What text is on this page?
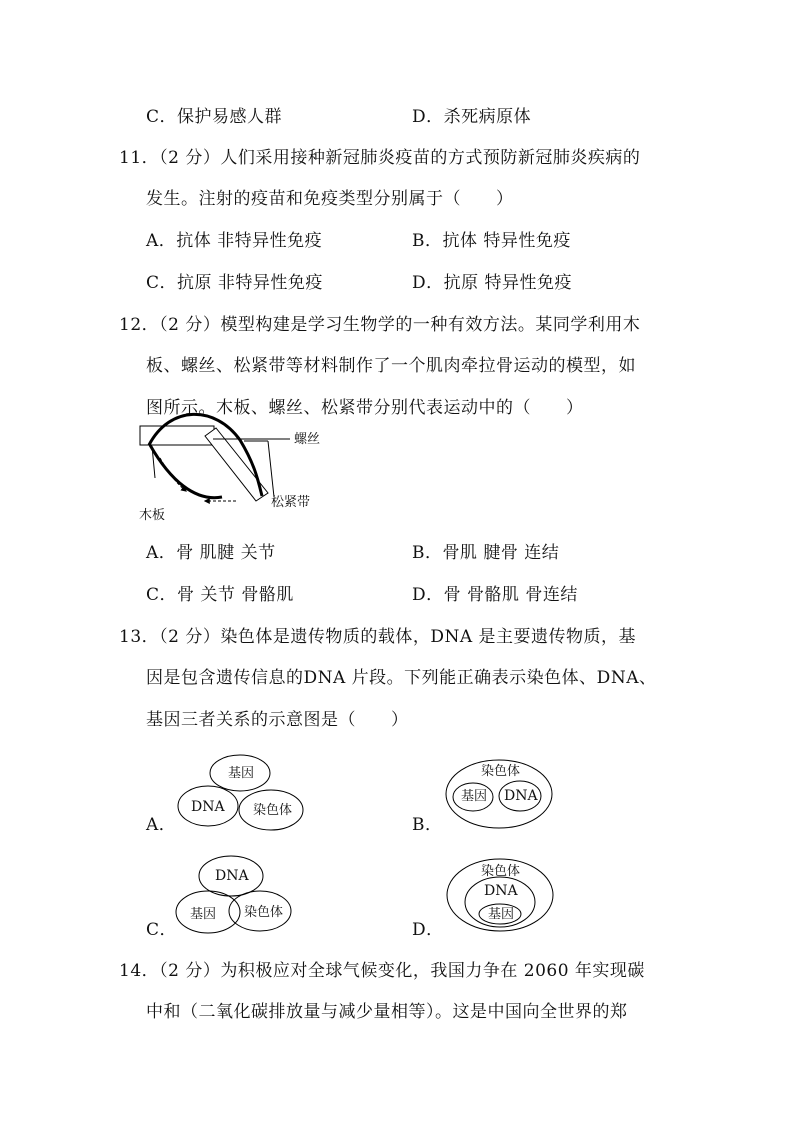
C．保护易感人群	D．杀死病原体
11．（2 分）人们采用接种新冠肺炎疫苗的方式预防新冠肺炎疾病的
发生。注射的疫苗和免疫类型分别属于（　　）
A．抗体 非特异性免疫	B．抗体 特异性免疫
C．抗原 非特异性免疫	D．抗原 特异性免疫
12．（2 分）模型构建是学习生物学的一种有效方法。某同学利用木
板、螺丝、松紧带等材料制作了一个肌肉牵拉骨运动的模型，如
图所示。木板、螺丝、松紧带分别代表运动中的（　　）
螺丝
松紧带
木板
A．骨 肌腱 关节	B．骨肌 腱骨 连结
C．骨 关节 骨骼肌	D．骨 骨骼肌 骨连结
13．（2 分）染色体是遗传物质的载体，DNA 是主要遗传物质，基
因是包含遗传信息的DNA 片段。下列能正确表示染色体、DNA、
基因三者关系的示意图是（　　）
基因
DNA 染色体
A．
染色体
基因 DNA
B．
DNA
基因 染色体
C．
染色体
DNA
基因
D．
14．（2 分）为积极应对全球气候变化，我国力争在 2060 年实现碳
中和（二氧化碳排放量与减少量相等）。这是中国向全世界的郑
